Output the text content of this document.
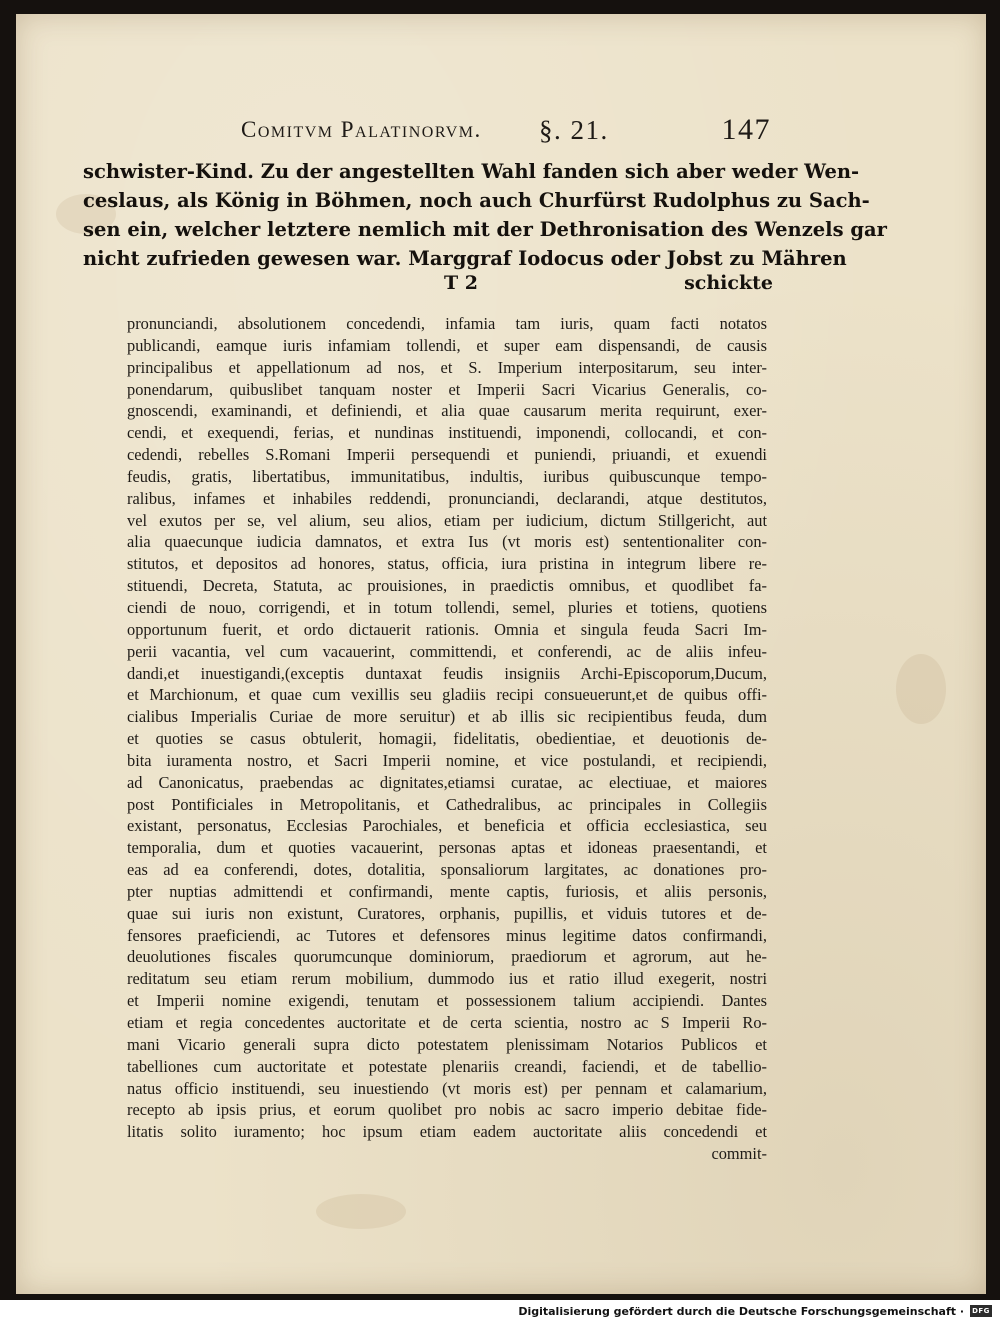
Comitvm Palatinorvm. §. 21.	147
schwister-Kind. Zu der angestellten Wahl fanden sich aber weder Wen-
ceslaus, als König in Böhmen, noch auch Churfürst Rudolphus zu Sach-
sen ein, welcher letztere nemlich mit der Dethronisation des Wenzels gar
nicht zufrieden gewesen war. Marggraf Iodocus oder Jobst zu Mähren
T 2	schickte
pronunciandi, absolutionem concedendi, infamia tam iuris, quam facti notatos
publicandi, eamque iuris infamiam tollendi, et super eam dispensandi, de causis
principalibus et appellationum ad nos, et S. Imperium interpositarum, seu inter-
ponendarum, quibuslibet tanquam noster et Imperii Sacri Vicarius Generalis, co-
gnoscendi, examinandi, et definiendi, et alia quae causarum merita requirunt, exer-
cendi, et exequendi, ferias, et nundinas instituendi, imponendi, collocandi, et con-
cedendi, rebelles S.Romani Imperii persequendi et puniendi, priuandi, et exuendi
feudis, gratis, libertatibus, immunitatibus, indultis, iuribus quibuscunque tempo-
ralibus, infames et inhabiles reddendi, pronunciandi, declarandi, atque destitutos,
vel exutos per se, vel alium, seu alios, etiam per iudicium, dictum Stillgericht, aut
alia quaecunque iudicia damnatos, et extra Ius (vt moris est) sententionaliter con-
stitutos, et depositos ad honores, status, officia, iura pristina in integrum libere re-
stituendi, Decreta, Statuta, ac prouisiones, in praedictis omnibus, et quodlibet fa-
ciendi de nouo, corrigendi, et in totum tollendi, semel, pluries et totiens, quotiens
opportunum fuerit, et ordo dictauerit rationis. Omnia et singula feuda Sacri Im-
perii vacantia, vel cum vacauerint, committendi, et conferendi, ac de aliis infeu-
dandi,et inuestigandi,(exceptis duntaxat feudis insigniis Archi-Episcoporum,Ducum,
et Marchionum, et quae cum vexillis seu gladiis recipi consueuerunt,et de quibus offi-
cialibus Imperialis Curiae de more seruitur) et ab illis sic recipientibus feuda, dum
et quoties se casus obtulerit, homagii, fidelitatis, obedientiae, et deuotionis de-
bita iuramenta nostro, et Sacri Imperii nomine, et vice postulandi, et recipiendi,
ad Canonicatus, praebendas ac dignitates,etiamsi curatae, ac electiuae, et maiores
post Pontificiales in Metropolitanis, et Cathedralibus, ac principales in Collegiis
existant, personatus, Ecclesias Parochiales, et beneficia et officia ecclesiastica, seu
temporalia, dum et quoties vacauerint, personas aptas et idoneas praesentandi, et
eas ad ea conferendi, dotes, dotalitia, sponsaliorum largitates, ac donationes pro-
pter nuptias admittendi et confirmandi, mente captis, furiosis, et aliis personis,
quae sui iuris non existunt, Curatores, orphanis, pupillis, et viduis tutores et de-
fensores praeficiendi, ac Tutores et defensores minus legitime datos confirmandi,
deuolutiones fiscales quorumcunque dominiorum, praediorum et agrorum, aut he-
reditatum seu etiam rerum mobilium, dummodo ius et ratio illud exegerit, nostri
et Imperii nomine exigendi, tenutam et possessionem talium accipiendi. Dantes
etiam et regia concedentes auctoritate et de certa scientia, nostro ac S Imperii Ro-
mani Vicario generali supra dicto potestatem plenissimam Notarios Publicos et
tabelliones cum auctoritate et potestate plenariis creandi, faciendi, et de tabellio-
natus officio instituendi, seu inuestiendo (vt moris est) per pennam et calamarium,
recepto ab ipsis prius, et eorum quolibet pro nobis ac sacro imperio debitae fide-
litatis solito iuramento; hoc ipsum etiam eadem auctoritate aliis concedendi et
commit-
Digitalisierung gefördert durch die Deutsche Forschungsgemeinschaft · DFG
